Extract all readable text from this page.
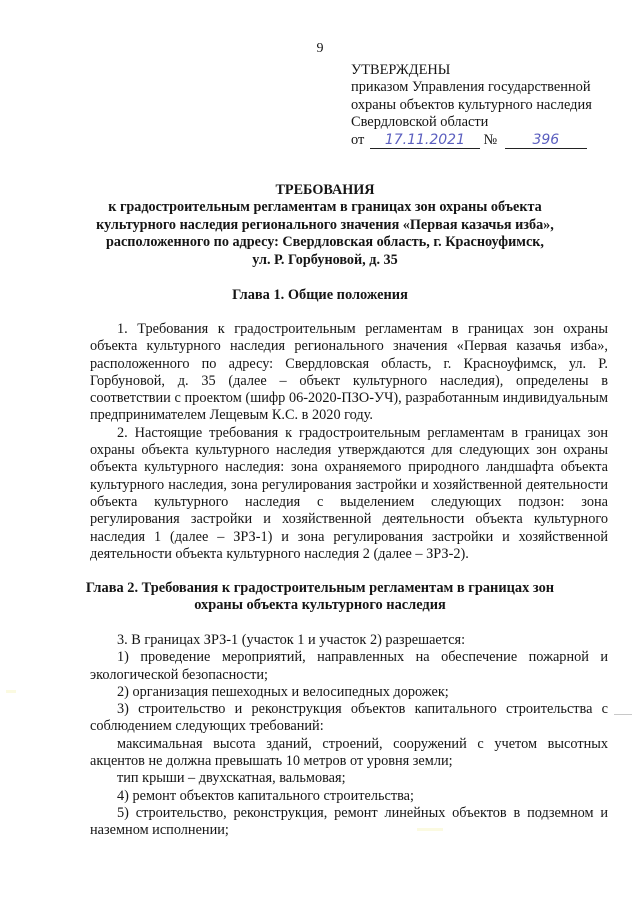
9
УТВЕРЖДЕНЫ
приказом Управления государственной
охраны объектов культурного наследия
Свердловской области
от 17.11.2021 №	396
ТРЕБОВАНИЯ
к градостроительным регламентам в границах зон охраны объекта
культурного наследия регионального значения «Первая казачья изба»,
расположенного по адресу: Свердловская область, г. Красноуфимск,
ул. Р. Горбуновой, д. 35
Глава 1. Общие положения

1. Требования к градостроительным регламентам в границах зон охраны объекта культурного наследия регионального значения «Первая казачья изба», расположенного по адресу: Свердловская область, г. Красноуфимск, ул. Р. Горбуновой, д. 35 (далее – объект культурного наследия), определены в соответствии с проектом (шифр 06-2020-ПЗО-УЧ), разработанным индивидуальным предпринимателем Лещевым К.С. в 2020 году.

2. Настоящие требования к градостроительным регламентам в границах зон охраны объекта культурного наследия утверждаются для следующих зон охраны объекта культурного наследия: зона охраняемого природного ландшафта объекта культурного наследия, зона регулирования застройки и хозяйственной деятельности объекта культурного наследия с выделением следующих подзон: зона регулирования застройки и хозяйственной деятельности объекта культурного наследия 1 (далее – ЗРЗ-1) и зона регулирования застройки и хозяйственной деятельности объекта культурного наследия 2 (далее – ЗРЗ-2).

Глава 2. Требования к градостроительным регламентам в границах зон
охраны объекта культурного наследия

3. В границах ЗРЗ-1 (участок 1 и участок 2) разрешается:

1) проведение мероприятий, направленных на обеспечение пожарной и экологической безопасности;

2) организация пешеходных и велосипедных дорожек;

3) строительство и реконструкция объектов капитального строительства с соблюдением следующих требований:

максимальная высота зданий, строений, сооружений с учетом высотных акцентов не должна превышать 10 метров от уровня земли;

тип крыши – двухскатная, вальмовая;

4) ремонт объектов капитального строительства;

5) строительство, реконструкция, ремонт линейных объектов в подземном и наземном исполнении;
